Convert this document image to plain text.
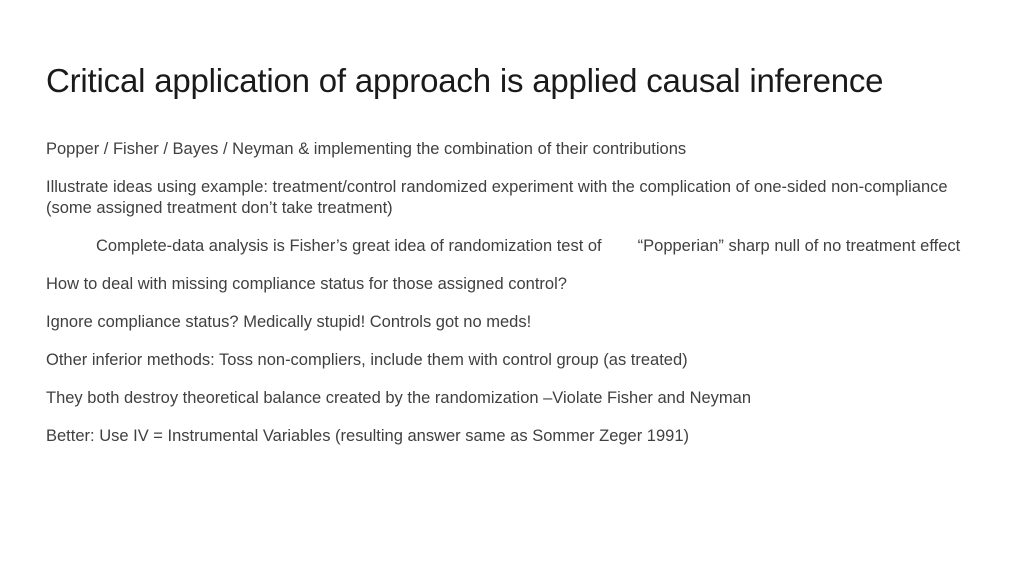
Critical application of approach is applied causal inference

Popper / Fisher / Bayes / Neyman & implementing the combination of their contributions

Illustrate ideas using example: treatment/control randomized experiment with the complication of one-sided non-compliance (some assigned treatment don’t take treatment)

Complete-data analysis is Fisher’s great idea of randomization test of “Popperian” sharp null of no treatment effect

How to deal with missing compliance status for those assigned control?

Ignore compliance status? Medically stupid! Controls got no meds!

Other inferior methods: Toss non-compliers, include them with control group (as treated)

They both destroy theoretical balance created by the randomization –Violate Fisher and Neyman

Better: Use IV = Instrumental Variables (resulting answer same as Sommer Zeger 1991)
